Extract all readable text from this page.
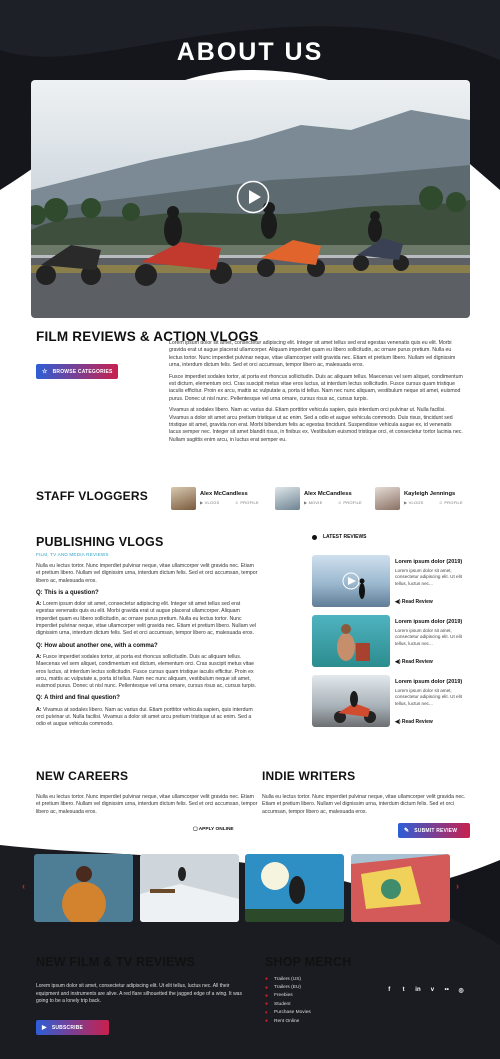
ABOUT US
FILM REVIEWS & ACTION VLOGS
☆ BROWSE CATEGORIES

Lorem ipsum dolor sit amet, consectetur adipiscing elit. Integer sit amet tellus sed erat egestas venenatis quis eu elit. Morbi gravida erat ut augue placerat ullamcorper. Aliquam imperdiet quam eu libero sollicitudin, ac ornare purus pretium. Nulla eu lectus tortor. Nunc imperdiet pulvinar neque, vitae ullamcorper velit gravida nec. Etiam et pretium libero. Nullam vel dignissim urna, interdum dictum felis. Sed et orci accumsan, tempor libero ac, malesuada eros.

Fusce imperdiet sodales tortor, at porta est rhoncus sollicitudin. Duis ac aliquam tellus. Maecenas vel sem aliquet, condimentum est dictum, elementum orci. Cras suscipit metus vitae eros luctus, at interdum lectus sollicitudin. Fusce cursus quam tristique iaculis efficitur. Proin ex arcu, mattis ac vulputate a, porta id tellus. Nam nec nunc aliquam, vestibulum neque sit amet, euismod purus. Donec ut nisl nunc. Pellentesque vel urna ornare, cursus risus ac, cursus turpis.

Vivamus at sodales libero. Nam ac varius dui. Etiam porttitor vehicula sapien, quis interdum orci pulvinar ut. Nulla facilisi. Vivamus a dolor sit amet arcu pretium tristique ut ac enim. Sed a odio et augue vehicula commodo. Duis risus, tincidunt sed tristique sit amet, gravida non erat. Morbi bibendum felis ac egestas tincidunt. Suspendisse vehicula augue ex, id venenatis lacus semper nec. Integer sit amet blandit risus, in finibus ex. Vestibulum euismod tristique orci, et consectetur tortor lacinia nec. Nullam sagittis enim arcu, in luctus erat semper eu.

STAFF VLOGGERS	Alex McCandless
▶ VLOGS	☺ PROFILE
Alex McCandless
▶ MOVIE	☺ PROFILE
Kayleigh Jennings
▶ VLOGS	☺ PROFILE
PUBLISHING VLOGS
FILM, TV AND MEDIA REVIEWS

Nulla eu lectus tortor. Nunc imperdiet pulvinar neque, vitae ullamcorper velit gravida nec. Etiam et pretium libero. Nullam vel dignissim urna, interdum dictum felis. Sed et orci accumsan, tempor libero ac, malesuada eros.

Q: This is a question?

A: Lorem ipsum dolor sit amet, consectetur adipiscing elit. Integer sit amet tellus sed erat egestas venenatis quis eu elit. Morbi gravida erat ut augue placerat ullamcorper. Aliquam imperdiet quam eu libero sollicitudin, ac ornare purus pretium. Nulla eu lectus tortor. Nunc imperdiet pulvinar neque, vitae ullamcorper velit gravida nec. Etiam et pretium libero. Nullam vel dignissim urna, interdum dictum felis. Sed et orci accumsan, tempor libero ac, malesuada eros.

Q: How about another one, with a comma?

A: Fusce imperdiet sodales tortor, at porta est rhoncus sollicitudin. Duis ac aliquam tellus. Maecenas vel sem aliquet, condimentum est dictum, elementum orci. Cras suscipit metus vitae eros luctus, at interdum lectus sollicitudin. Fusce cursus quam tristique iaculis efficitur. Proin ex arcu, mattis ac vulputate a, porta id tellus. Nam nec nunc aliquam, vestibulum neque sit amet, euismod purus. Donec ut nisl nunc. Pellentesque vel urna ornare, cursus risus ac, cursus turpis.

Q: A third and final question?

A: Vivamus at sodales libero. Nam ac varius dui. Etiam porttitor vehicula sapien, quis interdum orci pulvinar ut. Nulla facilisi. Vivamus a dolor sit amet arcu pretium tristique ut ac enim. Sed a odio et augue vehicula commodo.

LATEST REVIEWS
Lorem ipsum dolor (2019)
Lorem ipsum dolor sit amet, consectetur adipiscing elit. Ut elit tellus, luctus nec...
◀) Read Review
Lorem ipsum dolor (2019)
Lorem ipsum dolor sit amet, consectetur adipiscing elit. Ut elit tellus, luctus nec...
◀) Read Review
Lorem ipsum dolor (2019)
Lorem ipsum dolor sit amet, consectetur adipiscing elit. Ut elit tellus, luctus nec...
◀) Read Review
NEW CAREERS
Nulla eu lectus tortor. Nunc imperdiet pulvinar neque, vitae ullamcorper velit gravida nec. Etiam et pretium libero. Nullam vel dignissim urna, interdum dictum felis. Sed et orci accumsan, tempor libero ac, malesuada eros.
▢ APPLY ONLINE
INDIE WRITERS
Nulla eu lectus tortor. Nunc imperdiet pulvinar neque, vitae ullamcorper velit gravida nec. Etiam et pretium libero. Nullam vel dignissim urna, interdum dictum felis. Sed et orci accumsan, tempor libero ac, malesuada eros.
✎ SUBMIT REVIEW
‹	›
NEW FILM & TV REVIEWS
Lorem ipsum dolor sit amet, consectetur adipiscing elit. Ut elit tellus, luctus nec. All their equipment and instruments are alive. A red flare silhouetted the jagged edge of a wing. It was going to be a lonely trip back.
▶ SUBSCRIBE
SHOP MERCH
●	Trailers (US)
●	Trailers (EU)
●	Freebies
●	Student
▾	Purchase Movies
●	Rent Online
f	t	in	v	••	◎
